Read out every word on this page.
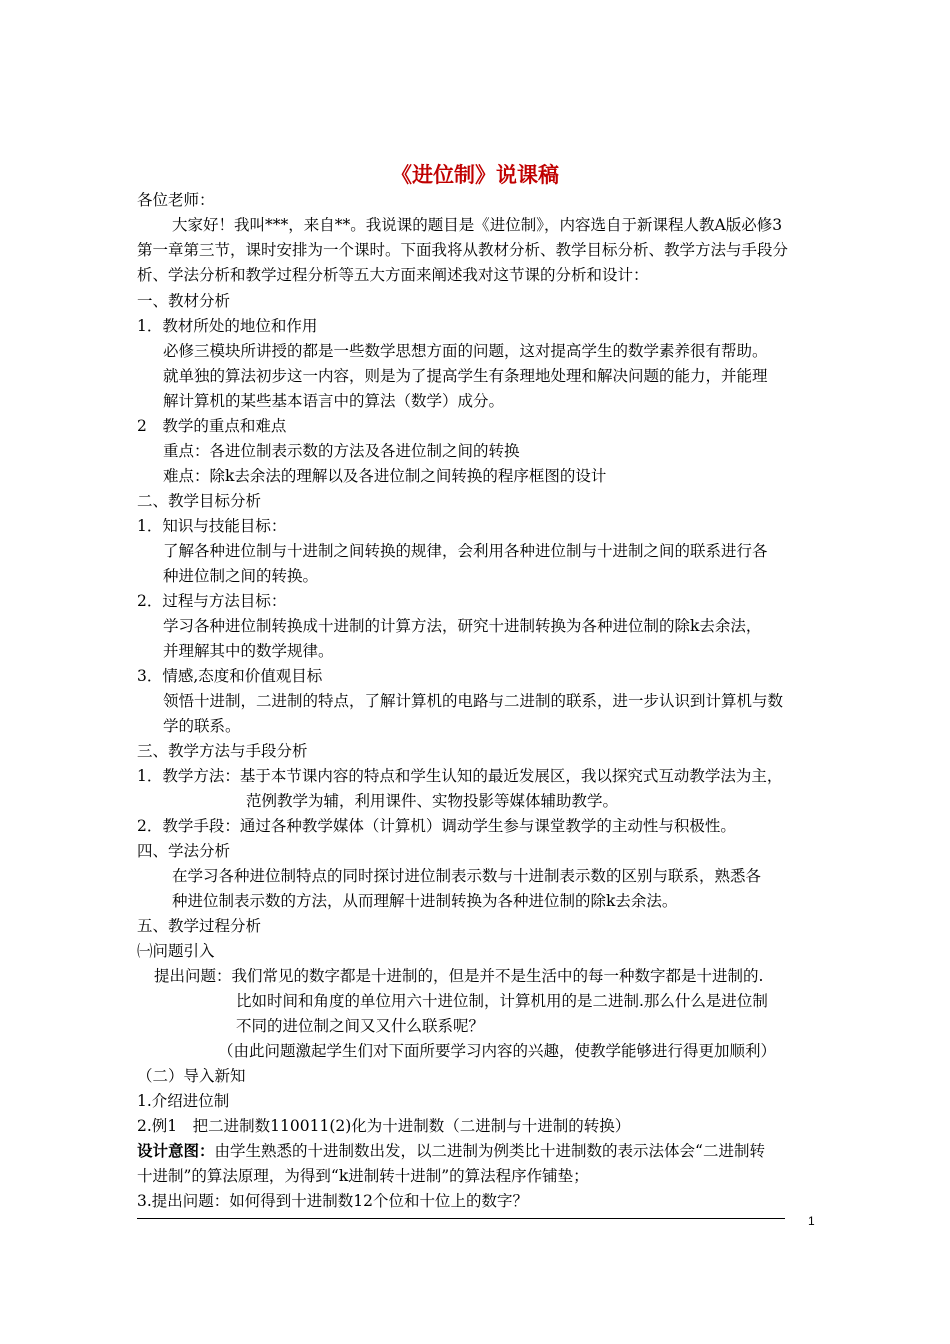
《进位制》说课稿
各位老师：
大家好！我叫***，来自**。我说课的题目是《进位制》，内容选自于新课程人教A版必修3
第一章第三节，课时安排为一个课时。下面我将从教材分析、教学目标分析、教学方法与手段分
析、学法分析和教学过程分析等五大方面来阐述我对这节课的分析和设计：
一、教材分析
1．教材所处的地位和作用
必修三模块所讲授的都是一些数学思想方面的问题，这对提高学生的数学素养很有帮助。
就单独的算法初步这一内容，则是为了提高学生有条理地处理和解决问题的能力，并能理
解计算机的某些基本语言中的算法（数学）成分。
2　教学的重点和难点
重点：各进位制表示数的方法及各进位制之间的转换
难点：除k去余法的理解以及各进位制之间转换的程序框图的设计
二、教学目标分析
1．知识与技能目标：
了解各种进位制与十进制之间转换的规律，会利用各种进位制与十进制之间的联系进行各
种进位制之间的转换。
2．过程与方法目标：
学习各种进位制转换成十进制的计算方法，研究十进制转换为各种进位制的除k去余法，
并理解其中的数学规律。
3．情感,态度和价值观目标
领悟十进制，二进制的特点，了解计算机的电路与二进制的联系，进一步认识到计算机与数
学的联系。
三、教学方法与手段分析
1．教学方法：基于本节课内容的特点和学生认知的最近发展区，我以探究式互动教学法为主，
范例教学为辅，利用课件、实物投影等媒体辅助教学。
2．教学手段：通过各种教学媒体（计算机）调动学生参与课堂教学的主动性与积极性。
四、学法分析
在学习各种进位制特点的同时探讨进位制表示数与十进制表示数的区别与联系，熟悉各
种进位制表示数的方法，从而理解十进制转换为各种进位制的除k去余法。
五、教学过程分析
㈠问题引入
提出问题：我们常见的数字都是十进制的，但是并不是生活中的每一种数字都是十进制的.
比如时间和角度的单位用六十进位制，计算机用的是二进制.那么什么是进位制
不同的进位制之间又又什么联系呢？
（由此问题激起学生们对下面所要学习内容的兴趣，使教学能够进行得更加顺利）
（二）导入新知
1.介绍进位制
2.例1　把二进制数110011(2)化为十进制数（二进制与十进制的转换）
设计意图：由学生熟悉的十进制数出发，以二进制为例类比十进制数的表示法体会“二进制转
十进制”的算法原理，为得到“k进制转十进制”的算法程序作铺垫；
3.提出问题：如何得到十进制数12个位和十位上的数字？
1
